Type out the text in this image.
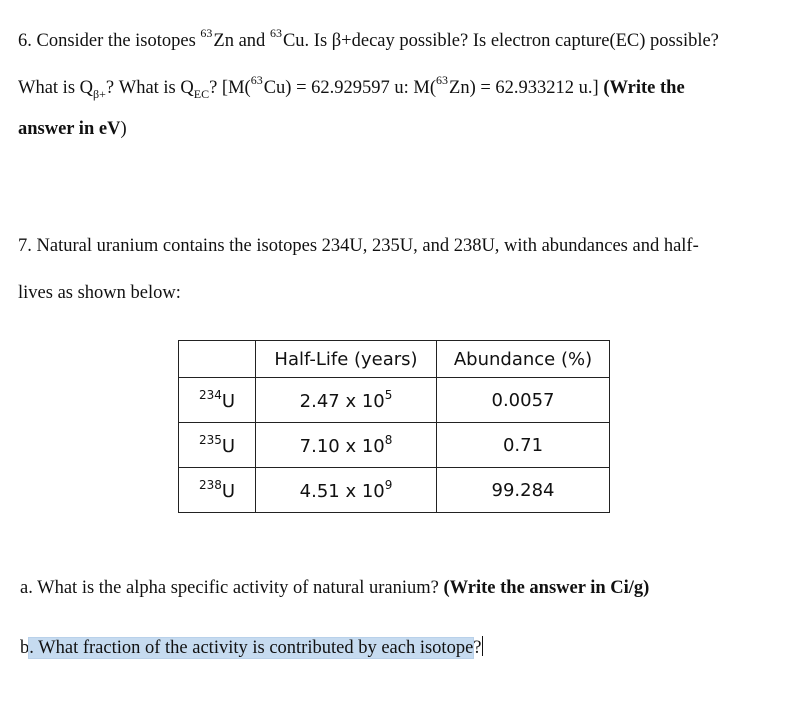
6. Consider the isotopes $^{63}$Zn and $^{63}$Cu. Is β+decay possible? Is electron capture(EC) possible?
What is $Q_{\beta+}$? What is $Q_{EC}$? [M($^{63}$Cu) = 62.929597 u: M($^{63}$Zn) = 62.933212 u.] (Write the
answer in eV)
7. Natural uranium contains the isotopes 234U, 235U, and 238U, with abundances and half-
lives as shown below:
	Half-Life (years)	Abundance (%)
$^{234}$U	2.47 x $10^5$	0.0057
$^{235}$U	7.10 x $10^8$	0.71
$^{238}$U	4.51 x $10^9$	99.284
a. What is the alpha specific activity of natural uranium? (Write the answer in Ci/g)
b. What fraction of the activity is contributed by each isotope?
